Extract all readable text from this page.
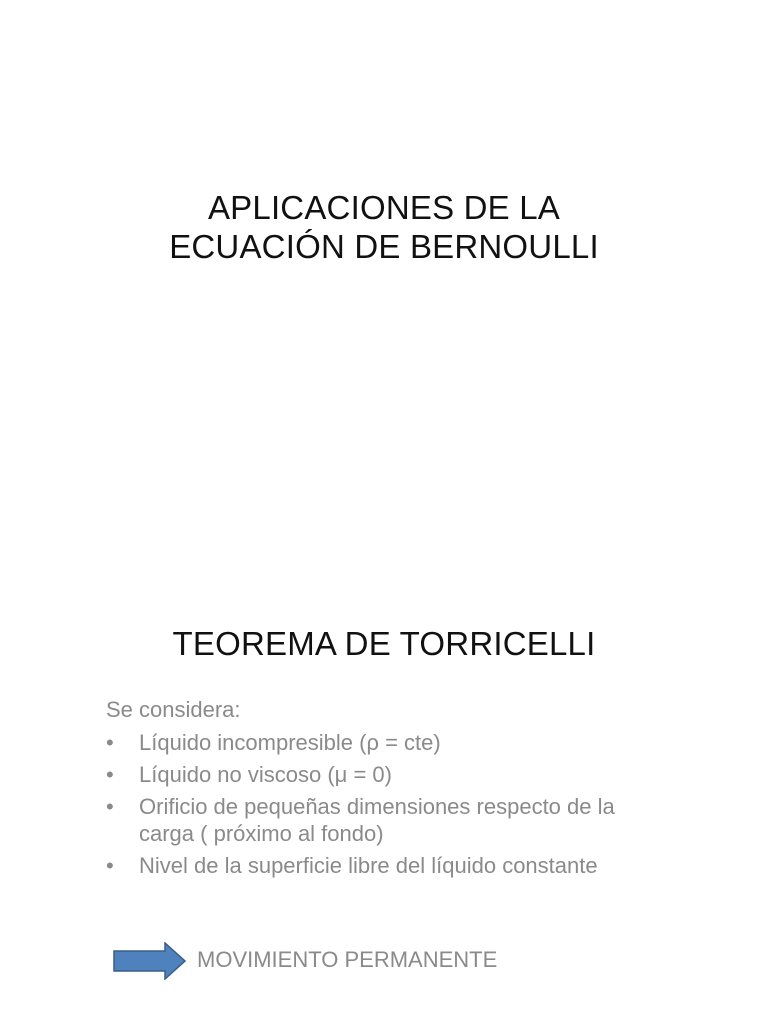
APLICACIONES DE LA
ECUACIÓN DE BERNOULLI
TEOREMA DE TORRICELLI

Se considera:

• Líquido incompresible (ρ = cte)
• Líquido no viscoso (μ = 0)
• Orificio de pequeñas dimensiones respecto de la carga ( próximo al fondo)
• Nivel de la superficie libre del líquido constante
MOVIMIENTO PERMANENTE
